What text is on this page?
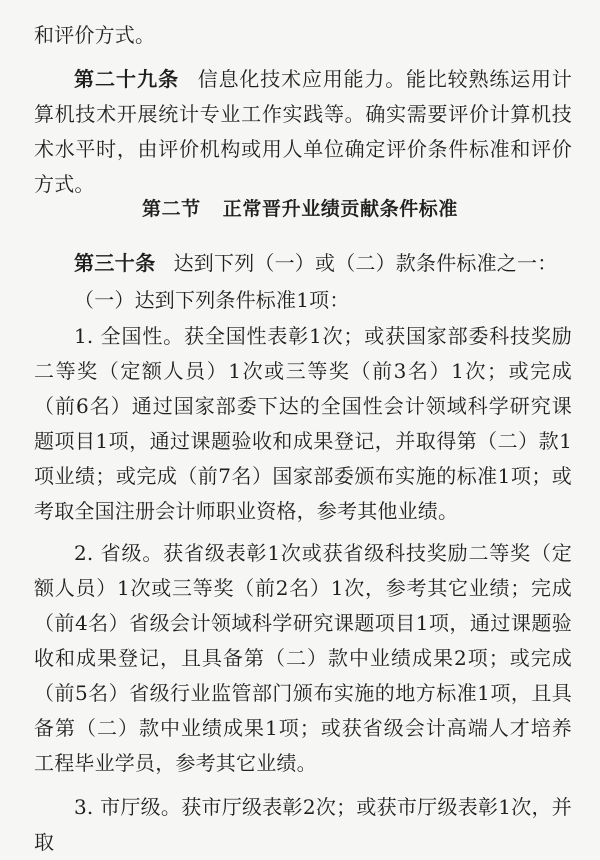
和评价方式。

第二十九条 信息化技术应用能力。能比较熟练运用计算机技术开展统计专业工作实践等。确实需要评价计算机技术水平时，由评价机构或用人单位确定评价条件标准和评价方式。

第二节 正常晋升业绩贡献条件标准

第三十条 达到下列（一）或（二）款条件标准之一：

（一）达到下列条件标准1项：

1. 全国性。获全国性表彰1次；或获国家部委科技奖励二等奖（定额人员）1次或三等奖（前3名）1次；或完成（前6名）通过国家部委下达的全国性会计领域科学研究课题项目1项，通过课题验收和成果登记，并取得第（二）款1项业绩；或完成（前7名）国家部委颁布实施的标准1项；或考取全国注册会计师职业资格，参考其他业绩。

2. 省级。获省级表彰1次或获省级科技奖励二等奖（定额人员）1次或三等奖（前2名）1次，参考其它业绩；完成（前4名）省级会计领域科学研究课题项目1项，通过课题验收和成果登记，且具备第（二）款中业绩成果2项；或完成（前5名）省级行业监管部门颁布实施的地方标准1项，且具备第（二）款中业绩成果1项；或获省级会计高端人才培养工程毕业学员，参考其它业绩。

3. 市厅级。获市厅级表彰2次；或获市厅级表彰1次，并取
